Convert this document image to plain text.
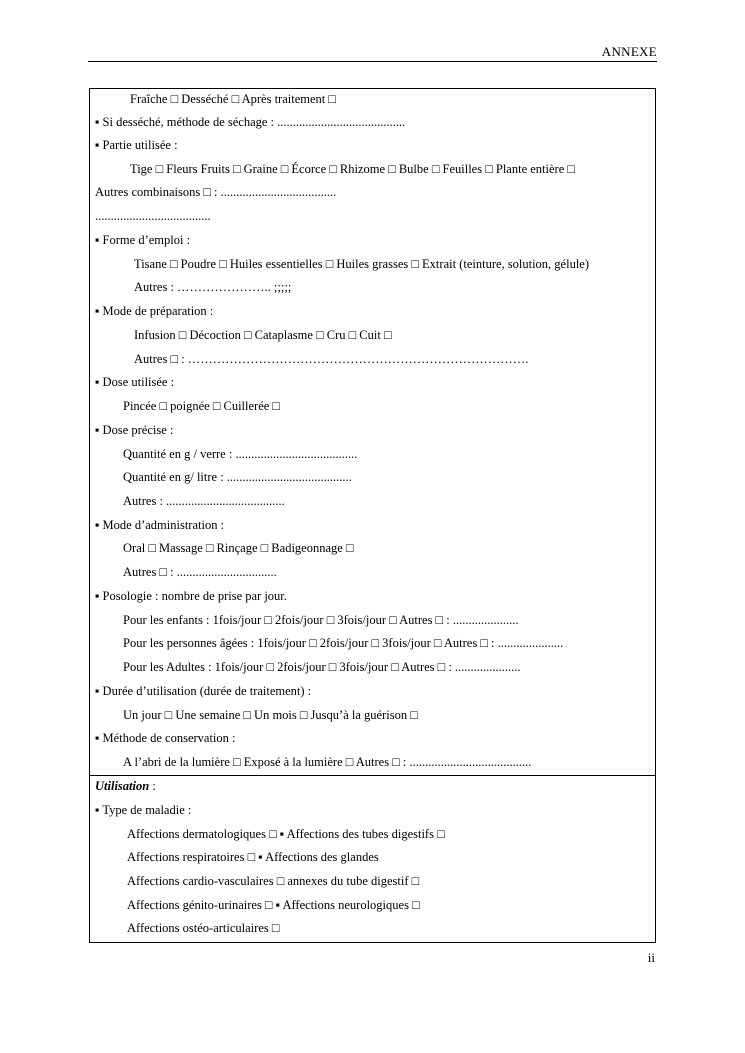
ANNEXE
Fraîche □ Desséché □ Après traitement □
▪ Si desséché, méthode de séchage : .........................................
▪ Partie utilisée :
Tige □ Fleurs Fruits □ Graine □ Écorce □ Rhizome □ Bulbe □ Feuilles □ Plante entière □
Autres combinaisons □ : .....................................
.....................................
▪ Forme d’emploi :
Tisane □ Poudre □ Huiles essentielles □ Huiles grasses □ Extrait (teinture, solution, gélule)
Autres : ………………….. ;;;;;
▪ Mode de préparation :
Infusion □ Décoction □ Cataplasme □ Cru □ Cuit □
Autres □ : ……………………………………………………………………….
▪ Dose utilisée :
Pincée □ poignée □ Cuillerée □
▪ Dose précise :
Quantité en g / verre : .......................................
Quantité en g/ litre : ........................................
Autres : ......................................
▪ Mode d’administration :
Oral □ Massage □ Rinçage □ Badigeonnage □
Autres □ : ................................
▪ Posologie : nombre de prise par jour.
Pour les enfants : 1fois/jour □ 2fois/jour □ 3fois/jour □ Autres □ : .....................
Pour les personnes âgées : 1fois/jour □ 2fois/jour □ 3fois/jour □ Autres □ : .....................
Pour les Adultes : 1fois/jour □ 2fois/jour □ 3fois/jour □ Autres □ : .....................
▪ Durée d’utilisation (durée de traitement) :
Un jour □ Une semaine □ Un mois □ Jusqu’à la guérison □
▪ Méthode de conservation :
A l’abri de la lumière □ Exposé à la lumière □ Autres □ : .......................................
Utilisation :
▪ Type de maladie :
Affections dermatologiques □ ▪ Affections des tubes digestifs □
Affections respiratoires □ ▪ Affections des glandes
Affections cardio-vasculaires □ annexes du tube digestif □
Affections génito-urinaires □ ▪ Affections neurologiques □
Affections ostéo-articulaires □
ii
